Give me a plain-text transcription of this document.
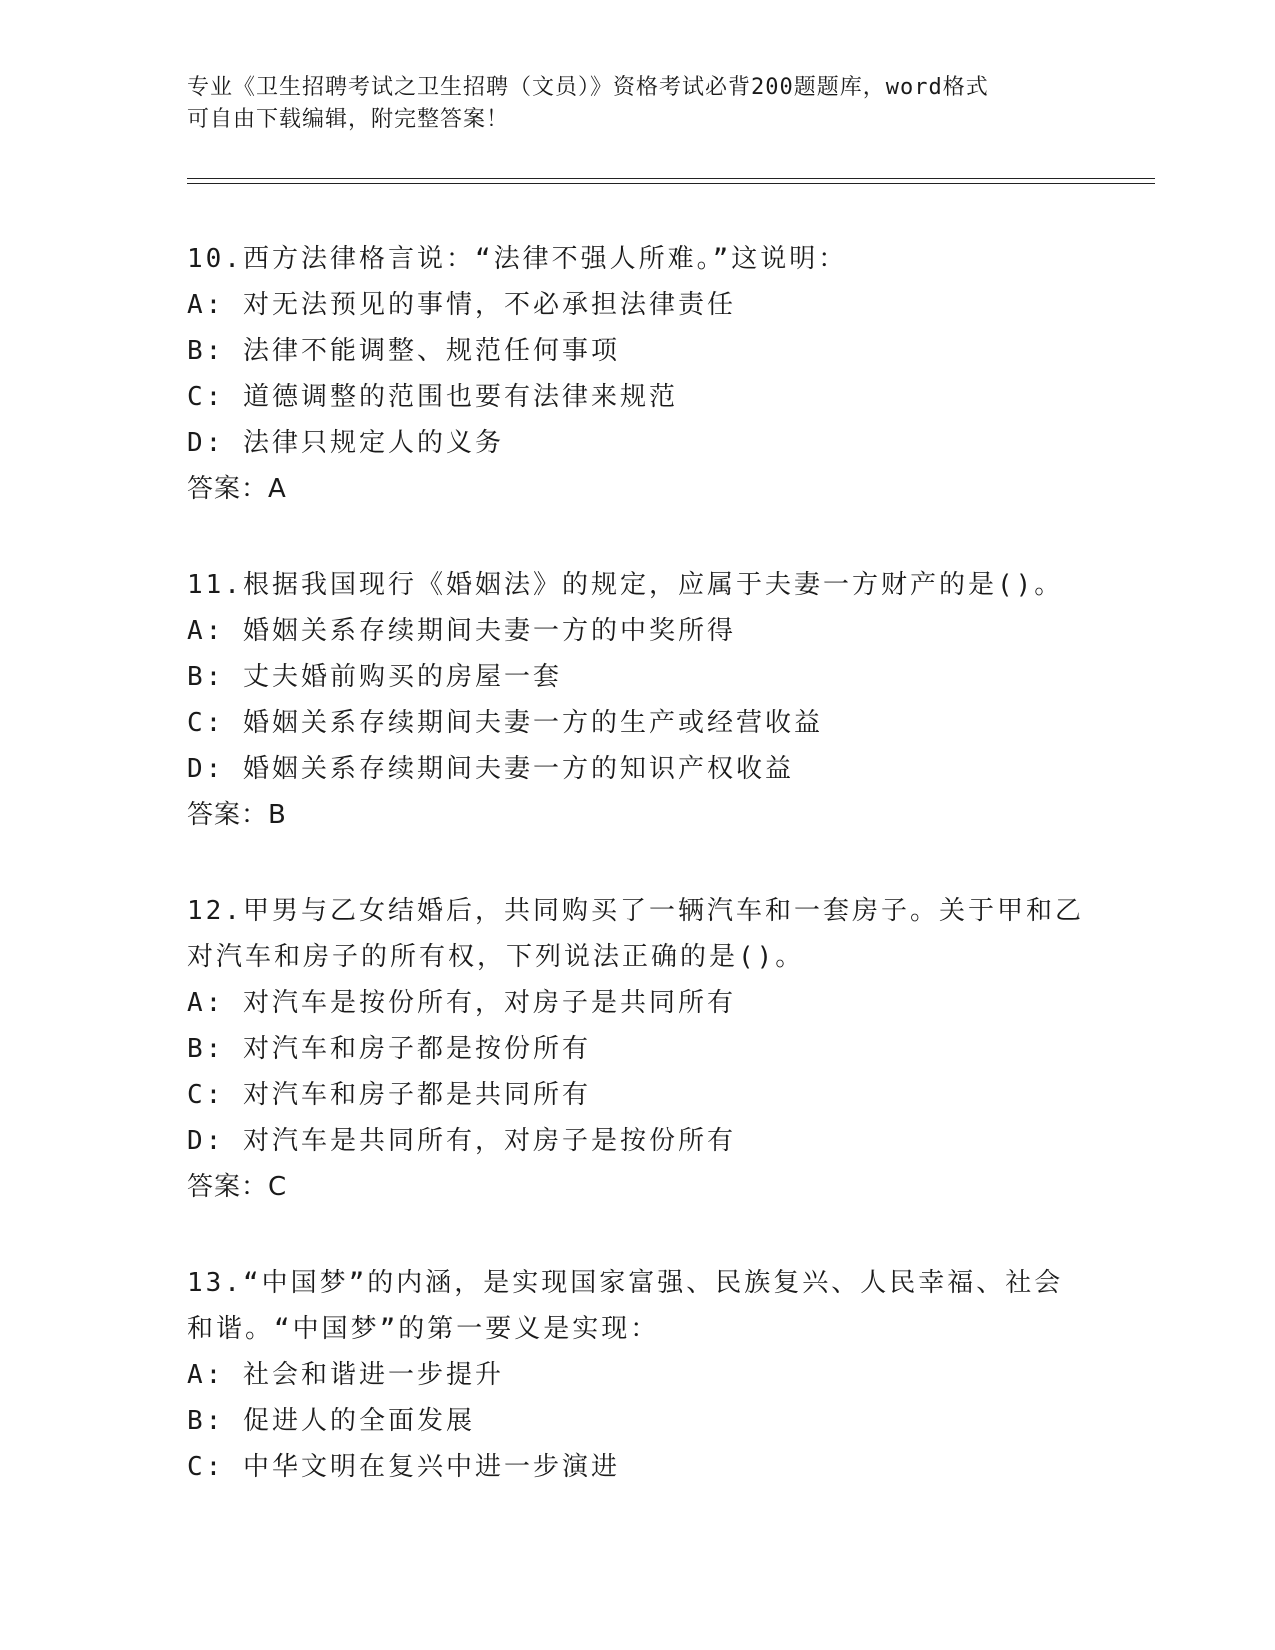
专业《卫生招聘考试之卫生招聘（文员）》资格考试必背200题题库，word格式
可自由下载编辑，附完整答案！
10.西方法律格言说：“法律不强人所难。”这说明：
A: 对无法预见的事情，不必承担法律责任
B: 法律不能调整、规范任何事项
C: 道德调整的范围也要有法律来规范
D: 法律只规定人的义务
答案：A
11.根据我国现行《婚姻法》的规定，应属于夫妻一方财产的是()。
A: 婚姻关系存续期间夫妻一方的中奖所得
B: 丈夫婚前购买的房屋一套
C: 婚姻关系存续期间夫妻一方的生产或经营收益
D: 婚姻关系存续期间夫妻一方的知识产权收益
答案：B
12.甲男与乙女结婚后，共同购买了一辆汽车和一套房子。关于甲和乙
对汽车和房子的所有权，下列说法正确的是()。
A: 对汽车是按份所有，对房子是共同所有
B: 对汽车和房子都是按份所有
C: 对汽车和房子都是共同所有
D: 对汽车是共同所有，对房子是按份所有
答案：C
13.“中国梦”的内涵，是实现国家富强、民族复兴、人民幸福、社会
和谐。“中国梦”的第一要义是实现：
A: 社会和谐进一步提升
B: 促进人的全面发展
C: 中华文明在复兴中进一步演进
